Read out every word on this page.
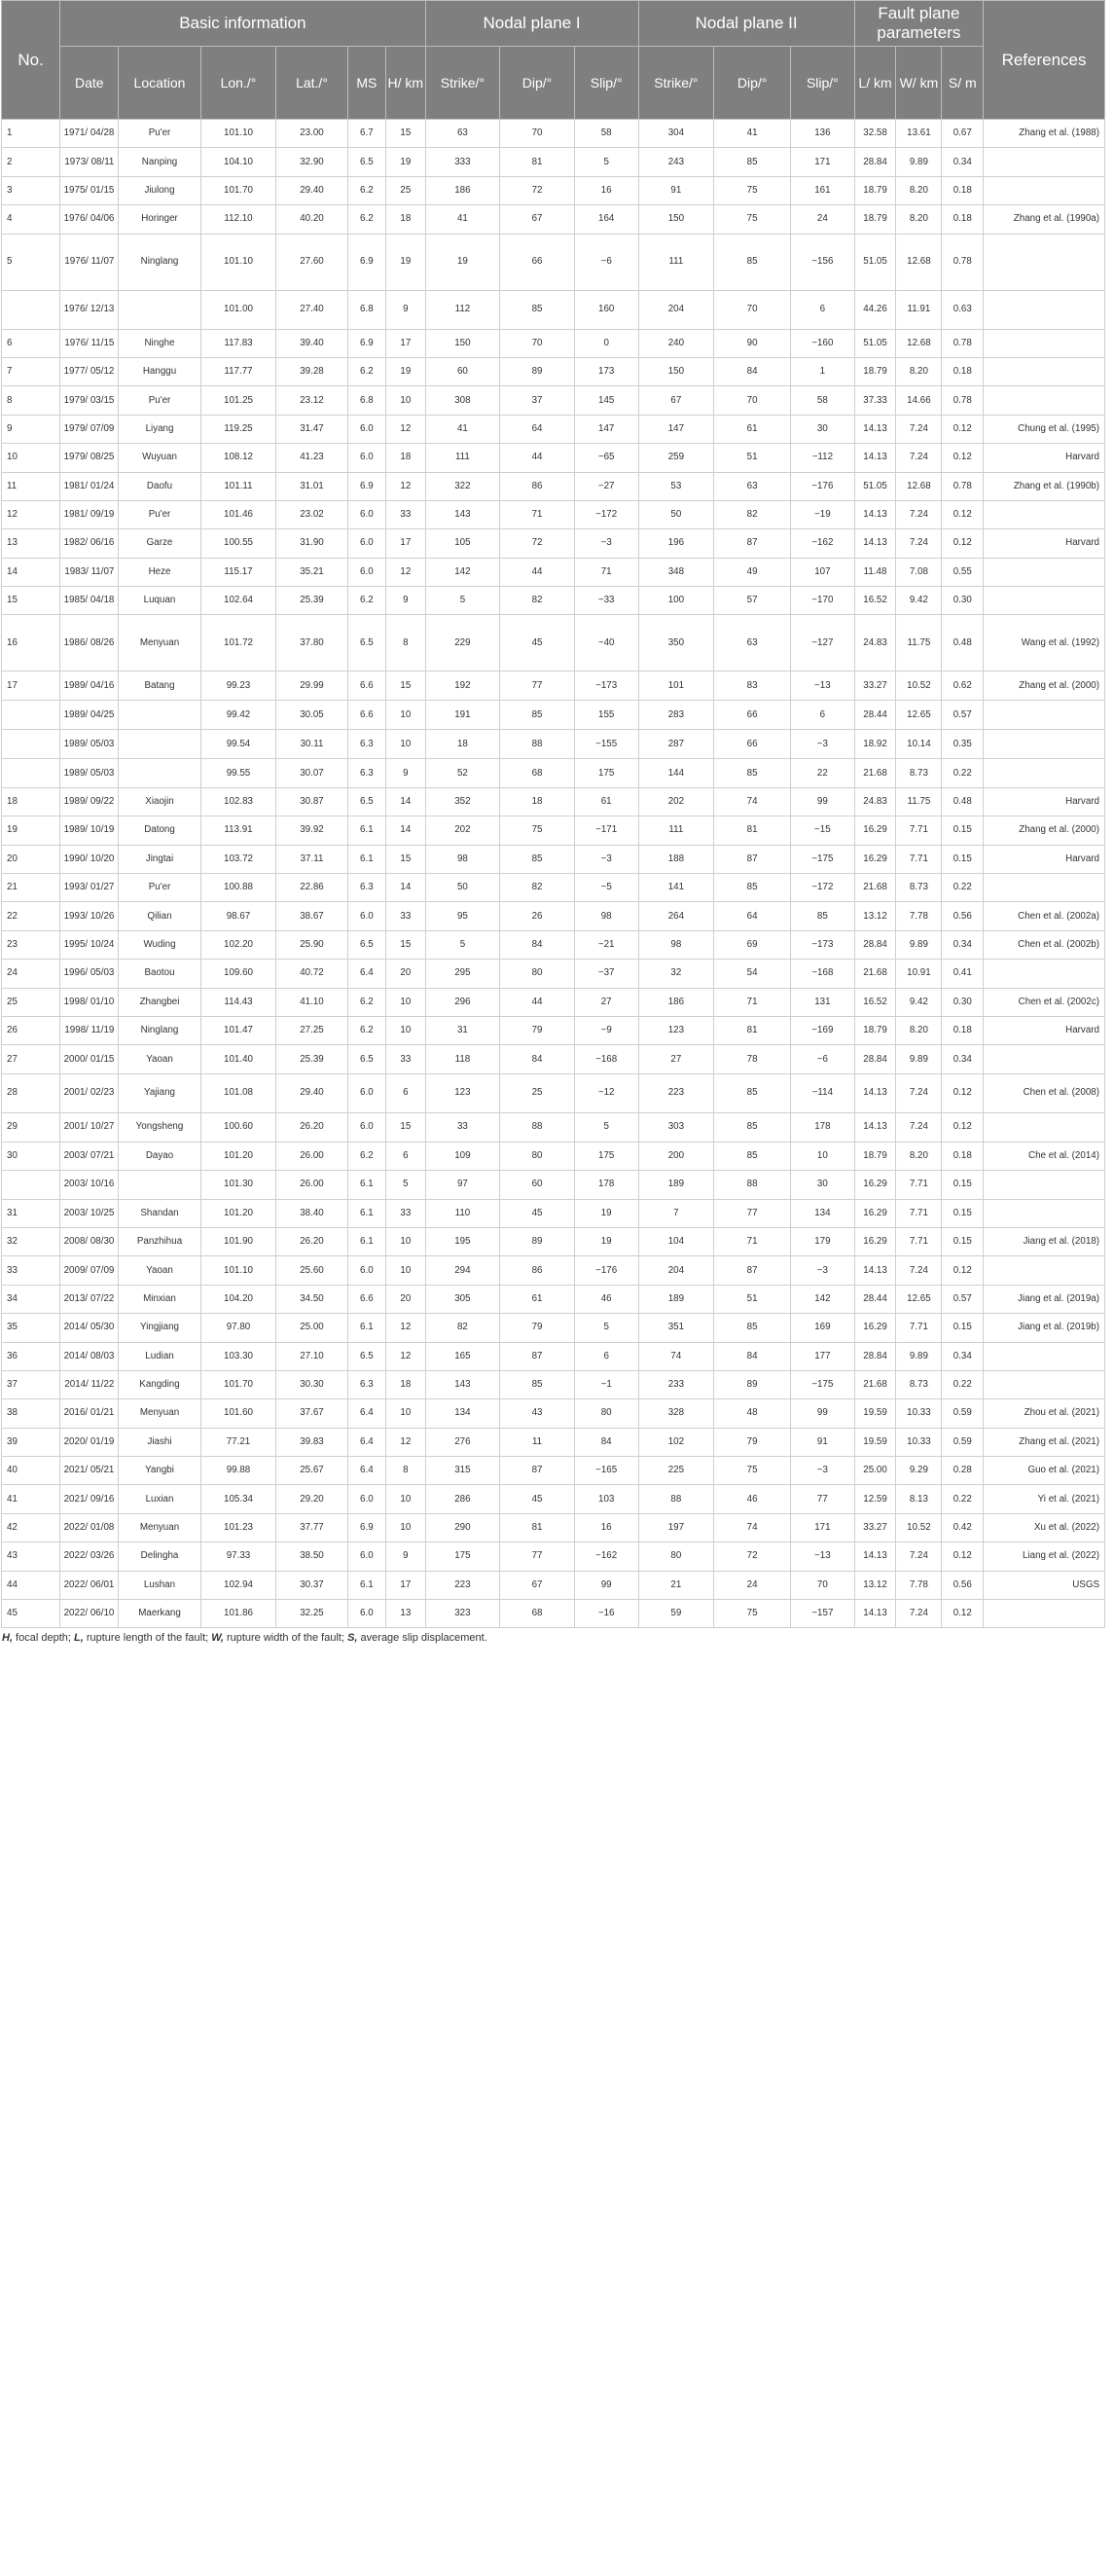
No.	Basic information						Nodal plane I			Nodal plane II			Fault plane parameters			References
	Date	Location	Lon./°	Lat./°	MS	H/ km	Strike/°	Dip/°	Slip/°	Strike/°	Dip/°	Slip/°	L/ km	W/ km	S/ m	
1	1971/ 04/28	Pu'er	101.10	23.00	6.7	15	63	70	58	304	41	136	32.58	13.61	0.67	Zhang et al. (1988)
2	1973/ 08/11	Nanping	104.10	32.90	6.5	19	333	81	5	243	85	171	28.84	9.89	0.34	
3	1975/ 01/15	Jiulong	101.70	29.40	6.2	25	186	72	16	91	75	161	18.79	8.20	0.18	
4	1976/ 04/06	Horinger	112.10	40.20	6.2	18	41	67	164	150	75	24	18.79	8.20	0.18	Zhang et al. (1990a)
5	1976/ 11/07	Ninglang	101.10	27.60	6.9	19	19	66	−6	111	85	−156	51.05	12.68	0.78	
	1976/ 12/13		101.00	27.40	6.8	9	112	85	160	204	70	6	44.26	11.91	0.63	
6	1976/ 11/15	Ninghe	117.83	39.40	6.9	17	150	70	0	240	90	−160	51.05	12.68	0.78	
7	1977/ 05/12	Hanggu	117.77	39.28	6.2	19	60	89	173	150	84	1	18.79	8.20	0.18	
8	1979/ 03/15	Pu'er	101.25	23.12	6.8	10	308	37	145	67	70	58	37.33	14.66	0.78	
9	1979/ 07/09	Liyang	119.25	31.47	6.0	12	41	64	147	147	61	30	14.13	7.24	0.12	Chung et al. (1995)
10	1979/ 08/25	Wuyuan	108.12	41.23	6.0	18	111	44	−65	259	51	−112	14.13	7.24	0.12	Harvard
11	1981/ 01/24	Daofu	101.11	31.01	6.9	12	322	86	−27	53	63	−176	51.05	12.68	0.78	Zhang et al. (1990b)
12	1981/ 09/19	Pu'er	101.46	23.02	6.0	33	143	71	−172	50	82	−19	14.13	7.24	0.12	
13	1982/ 06/16	Garze	100.55	31.90	6.0	17	105	72	−3	196	87	−162	14.13	7.24	0.12	Harvard
14	1983/ 11/07	Heze	115.17	35.21	6.0	12	142	44	71	348	49	107	11.48	7.08	0.55	
15	1985/ 04/18	Luquan	102.64	25.39	6.2	9	5	82	−33	100	57	−170	16.52	9.42	0.30	
16	1986/ 08/26	Menyuan	101.72	37.80	6.5	8	229	45	−40	350	63	−127	24.83	11.75	0.48	Wang et al. (1992)
17	1989/ 04/16	Batang	99.23	29.99	6.6	15	192	77	−173	101	83	−13	33.27	10.52	0.62	Zhang et al. (2000)
	1989/ 04/25		99.42	30.05	6.6	10	191	85	155	283	66	6	28.44	12.65	0.57	
	1989/ 05/03		99.54	30.11	6.3	10	18	88	−155	287	66	−3	18.92	10.14	0.35	
	1989/ 05/03		99.55	30.07	6.3	9	52	68	175	144	85	22	21.68	8.73	0.22	
18	1989/ 09/22	Xiaojin	102.83	30.87	6.5	14	352	18	61	202	74	99	24.83	11.75	0.48	Harvard
19	1989/ 10/19	Datong	113.91	39.92	6.1	14	202	75	−171	111	81	−15	16.29	7.71	0.15	Zhang et al. (2000)
20	1990/ 10/20	Jingtai	103.72	37.11	6.1	15	98	85	−3	188	87	−175	16.29	7.71	0.15	Harvard
21	1993/ 01/27	Pu'er	100.88	22.86	6.3	14	50	82	−5	141	85	−172	21.68	8.73	0.22	
22	1993/ 10/26	Qilian	98.67	38.67	6.0	33	95	26	98	264	64	85	13.12	7.78	0.56	Chen et al. (2002a)
23	1995/ 10/24	Wuding	102.20	25.90	6.5	15	5	84	−21	98	69	−173	28.84	9.89	0.34	Chen et al. (2002b)
24	1996/ 05/03	Baotou	109.60	40.72	6.4	20	295	80	−37	32	54	−168	21.68	10.91	0.41	
25	1998/ 01/10	Zhangbei	114.43	41.10	6.2	10	296	44	27	186	71	131	16.52	9.42	0.30	Chen et al. (2002c)
26	1998/ 11/19	Ninglang	101.47	27.25	6.2	10	31	79	−9	123	81	−169	18.79	8.20	0.18	Harvard
27	2000/ 01/15	Yaoan	101.40	25.39	6.5	33	118	84	−168	27	78	−6	28.84	9.89	0.34	
28	2001/ 02/23	Yajiang	101.08	29.40	6.0	6	123	25	−12	223	85	−114	14.13	7.24	0.12	Chen et al. (2008)
29	2001/ 10/27	Yongsheng	100.60	26.20	6.0	15	33	88	5	303	85	178	14.13	7.24	0.12	
30	2003/ 07/21	Dayao	101.20	26.00	6.2	6	109	80	175	200	85	10	18.79	8.20	0.18	Che et al. (2014)
	2003/ 10/16		101.30	26.00	6.1	5	97	60	178	189	88	30	16.29	7.71	0.15	
31	2003/ 10/25	Shandan	101.20	38.40	6.1	33	110	45	19	7	77	134	16.29	7.71	0.15	
32	2008/ 08/30	Panzhihua	101.90	26.20	6.1	10	195	89	19	104	71	179	16.29	7.71	0.15	Jiang et al. (2018)
33	2009/ 07/09	Yaoan	101.10	25.60	6.0	10	294	86	−176	204	87	−3	14.13	7.24	0.12	
34	2013/ 07/22	Minxian	104.20	34.50	6.6	20	305	61	46	189	51	142	28.44	12.65	0.57	Jiang et al. (2019a)
35	2014/ 05/30	Yingjiang	97.80	25.00	6.1	12	82	79	5	351	85	169	16.29	7.71	0.15	Jiang et al. (2019b)
36	2014/ 08/03	Ludian	103.30	27.10	6.5	12	165	87	6	74	84	177	28.84	9.89	0.34	
37	2014/ 11/22	Kangding	101.70	30.30	6.3	18	143	85	−1	233	89	−175	21.68	8.73	0.22	
38	2016/ 01/21	Menyuan	101.60	37.67	6.4	10	134	43	80	328	48	99	19.59	10.33	0.59	Zhou et al. (2021)
39	2020/ 01/19	Jiashi	77.21	39.83	6.4	12	276	11	84	102	79	91	19.59	10.33	0.59	Zhang et al. (2021)
40	2021/ 05/21	Yangbi	99.88	25.67	6.4	8	315	87	−165	225	75	−3	25.00	9.29	0.28	Guo et al. (2021)
41	2021/ 09/16	Luxian	105.34	29.20	6.0	10	286	45	103	88	46	77	12.59	8.13	0.22	Yi et al. (2021)
42	2022/ 01/08	Menyuan	101.23	37.77	6.9	10	290	81	16	197	74	171	33.27	10.52	0.42	Xu et al. (2022)
43	2022/ 03/26	Delingha	97.33	38.50	6.0	9	175	77	−162	80	72	−13	14.13	7.24	0.12	Liang et al. (2022)
44	2022/ 06/01	Lushan	102.94	30.37	6.1	17	223	67	99	21	24	70	13.12	7.78	0.56	USGS
45	2022/ 06/10	Maerkang	101.86	32.25	6.0	13	323	68	−16	59	75	−157	14.13	7.24	0.12	
H, focal depth; L, rupture length of the fault; W, rupture width of the fault; S, average slip displacement.
